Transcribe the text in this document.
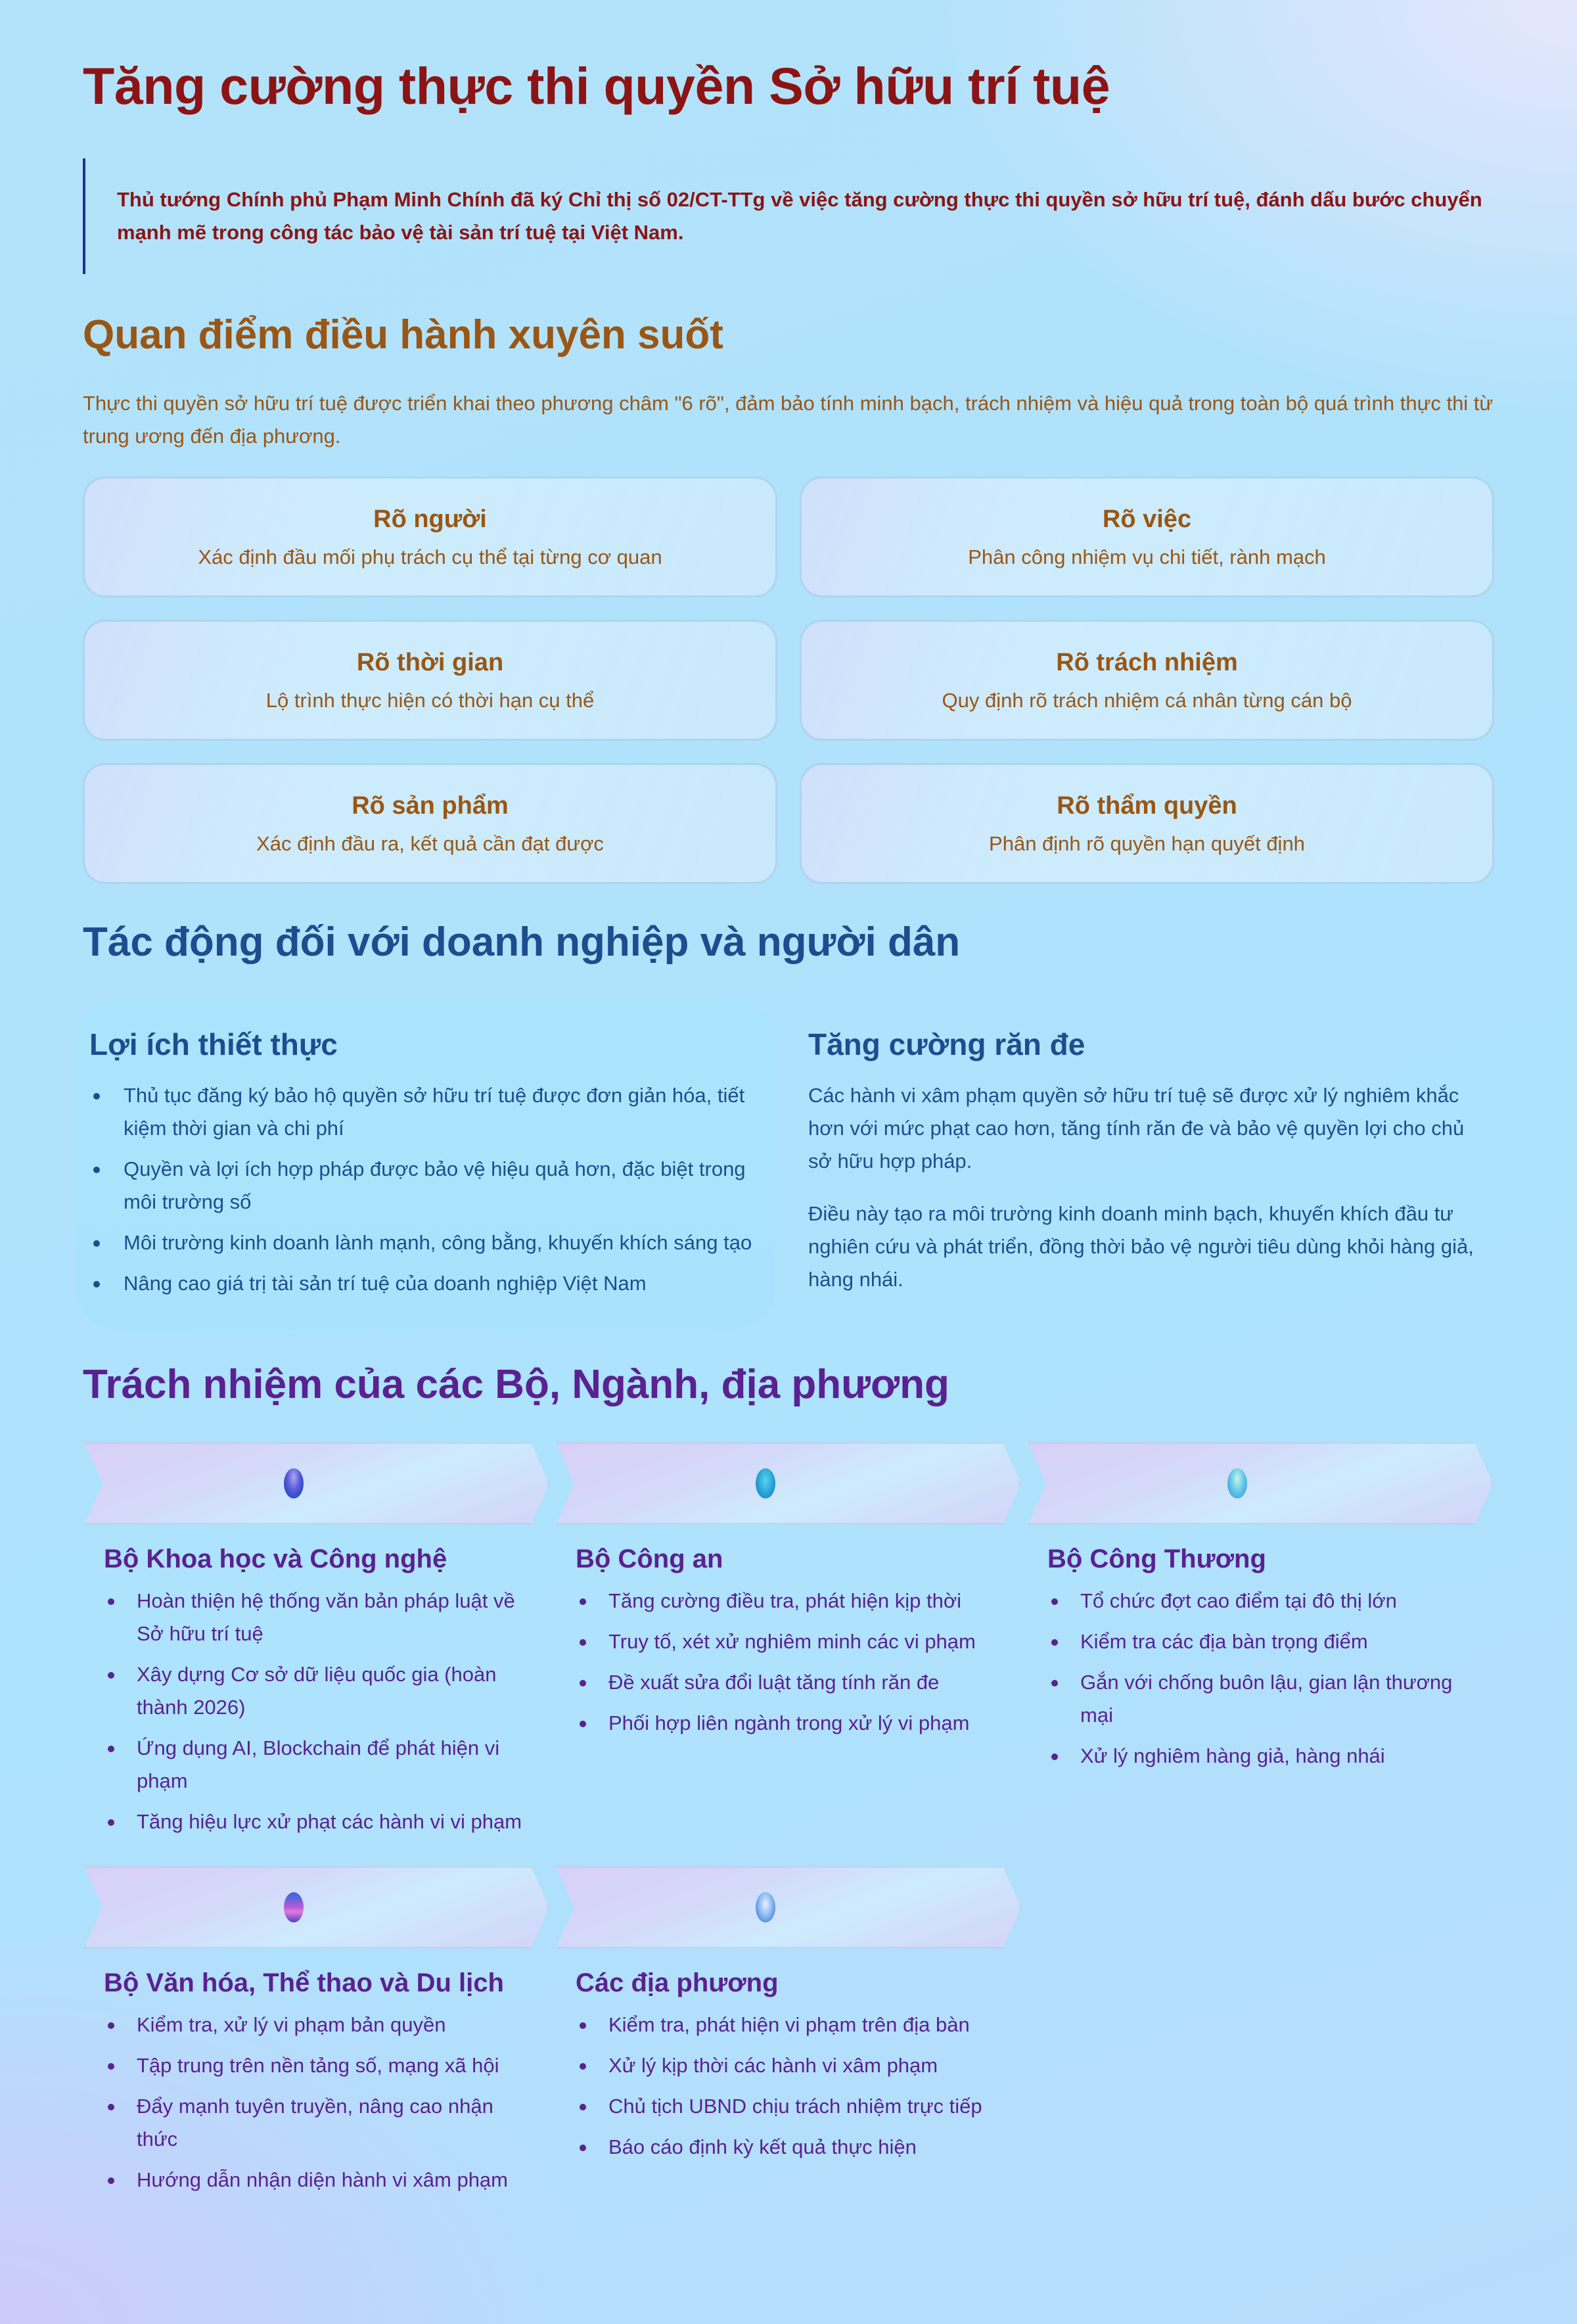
Tăng cường thực thi quyền Sở hữu trí tuệ

Thủ tướng Chính phủ Phạm Minh Chính đã ký Chỉ thị số 02/CT-TTg về việc tăng cường thực thi quyền sở hữu trí tuệ, đánh dấu bước chuyển mạnh mẽ trong công tác bảo vệ tài sản trí tuệ tại Việt Nam.

Quan điểm điều hành xuyên suốt

Thực thi quyền sở hữu trí tuệ được triển khai theo phương châm "6 rõ", đảm bảo tính minh bạch, trách nhiệm và hiệu quả trong toàn bộ quá trình thực thi từ trung ương đến địa phương.

Rõ người
Xác định đầu mối phụ trách cụ thể tại từng cơ quan
Rõ việc
Phân công nhiệm vụ chi tiết, rành mạch
Rõ thời gian
Lộ trình thực hiện có thời hạn cụ thể
Rõ trách nhiệm
Quy định rõ trách nhiệm cá nhân từng cán bộ
Rõ sản phẩm
Xác định đầu ra, kết quả cần đạt được
Rõ thẩm quyền
Phân định rõ quyền hạn quyết định
Tác động đối với doanh nghiệp và người dân
Lợi ích thiết thực
Thủ tục đăng ký bảo hộ quyền sở hữu trí tuệ được đơn giản hóa, tiết kiệm thời gian và chi phí
Quyền và lợi ích hợp pháp được bảo vệ hiệu quả hơn, đặc biệt trong môi trường số
Môi trường kinh doanh lành mạnh, công bằng, khuyến khích sáng tạo
Nâng cao giá trị tài sản trí tuệ của doanh nghiệp Việt Nam
Tăng cường răn đe

Các hành vi xâm phạm quyền sở hữu trí tuệ sẽ được xử lý nghiêm khắc hơn với mức phạt cao hơn, tăng tính răn đe và bảo vệ quyền lợi cho chủ sở hữu hợp pháp.

Điều này tạo ra môi trường kinh doanh minh bạch, khuyến khích đầu tư nghiên cứu và phát triển, đồng thời bảo vệ người tiêu dùng khỏi hàng giả, hàng nhái.

Trách nhiệm của các Bộ, Ngành, địa phương
Bộ Khoa học và Công nghệ
Hoàn thiện hệ thống văn bản pháp luật về Sở hữu trí tuệ
Xây dựng Cơ sở dữ liệu quốc gia (hoàn thành 2026)
Ứng dụng AI, Blockchain để phát hiện vi phạm
Tăng hiệu lực xử phạt các hành vi vi phạm
Bộ Công an
Tăng cường điều tra, phát hiện kịp thời
Truy tố, xét xử nghiêm minh các vi phạm
Đề xuất sửa đổi luật tăng tính răn đe
Phối hợp liên ngành trong xử lý vi phạm
Bộ Công Thương
Tổ chức đợt cao điểm tại đô thị lớn
Kiểm tra các địa bàn trọng điểm
Gắn với chống buôn lậu, gian lận thương mại
Xử lý nghiêm hàng giả, hàng nhái
Bộ Văn hóa, Thể thao và Du lịch
Kiểm tra, xử lý vi phạm bản quyền
Tập trung trên nền tảng số, mạng xã hội
Đẩy mạnh tuyên truyền, nâng cao nhận thức
Hướng dẫn nhận diện hành vi xâm phạm
Các địa phương
Kiểm tra, phát hiện vi phạm trên địa bàn
Xử lý kịp thời các hành vi xâm phạm
Chủ tịch UBND chịu trách nhiệm trực tiếp
Báo cáo định kỳ kết quả thực hiện
